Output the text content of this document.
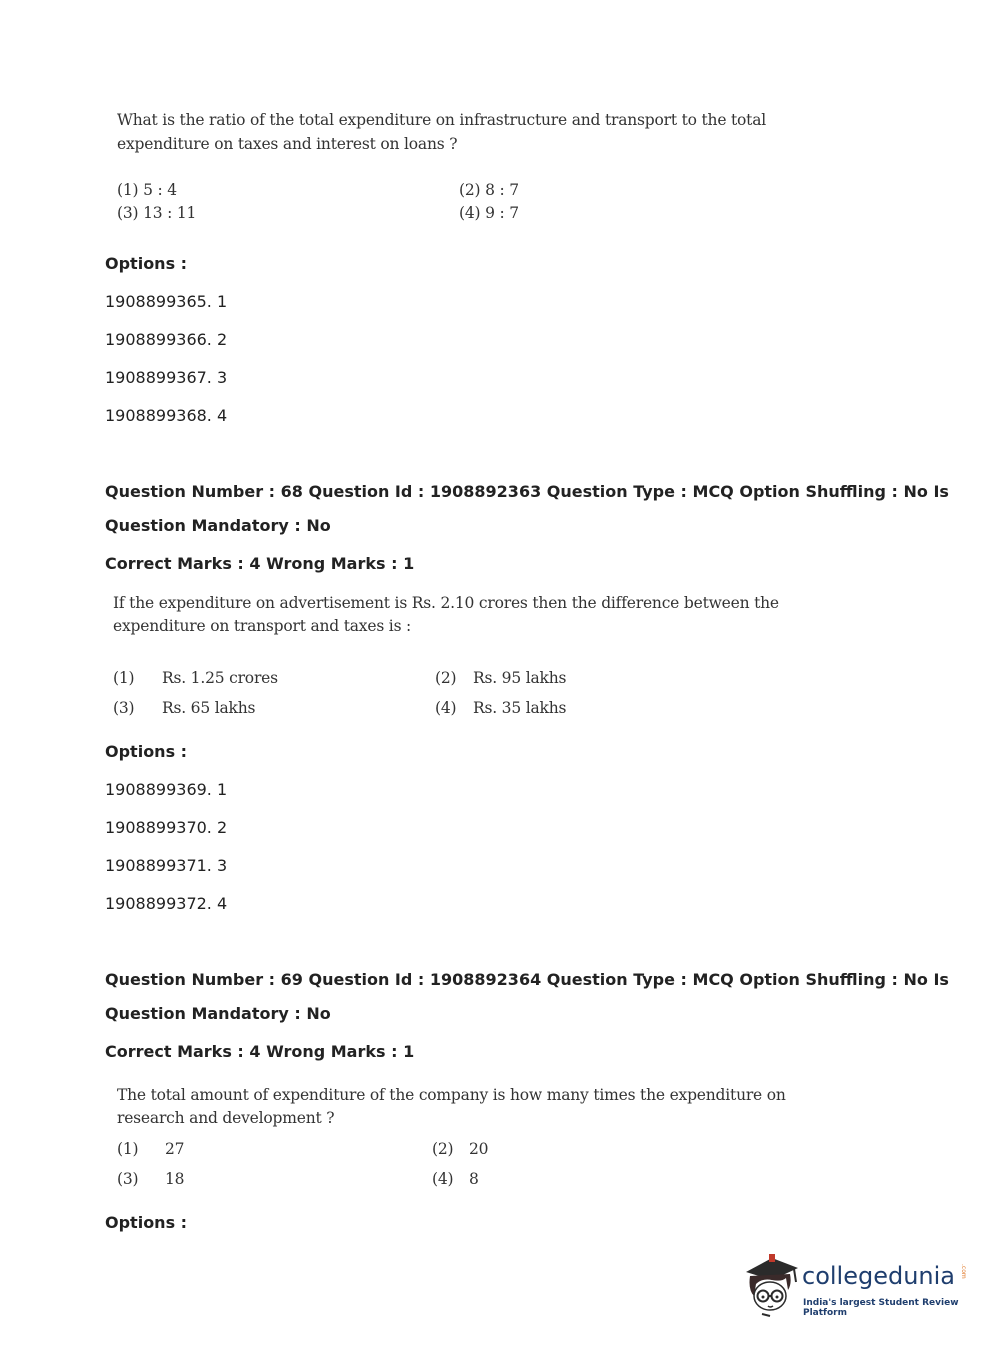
What is the ratio of the total expenditure on infrastructure and transport to the total
expenditure on taxes and interest on loans ?
(1) 5 : 4	(2) 8 : 7
(3) 13 : 11	(4) 9 : 7
Options :
1908899365. 1
1908899366. 2
1908899367. 3
1908899368. 4
Question Number : 68 Question Id : 1908892363 Question Type : MCQ Option Shuffling : No Is
Question Mandatory : No
Correct Marks : 4 Wrong Marks : 1
If the expenditure on advertisement is Rs. 2.10 crores then the difference between the
expenditure on transport and taxes is :
(1) Rs. 1.25 crores	(2) Rs. 95 lakhs
(3) Rs. 65 lakhs	(4) Rs. 35 lakhs
Options :
1908899369. 1
1908899370. 2
1908899371. 3
1908899372. 4
Question Number : 69 Question Id : 1908892364 Question Type : MCQ Option Shuffling : No Is
Question Mandatory : No
Correct Marks : 4 Wrong Marks : 1
The total amount of expenditure of the company is how many times the expenditure on
research and development ?
(1) 27	(2) 20
(3) 18	(4) 8
Options :
collegedunia .com
India's largest Student Review Platform
